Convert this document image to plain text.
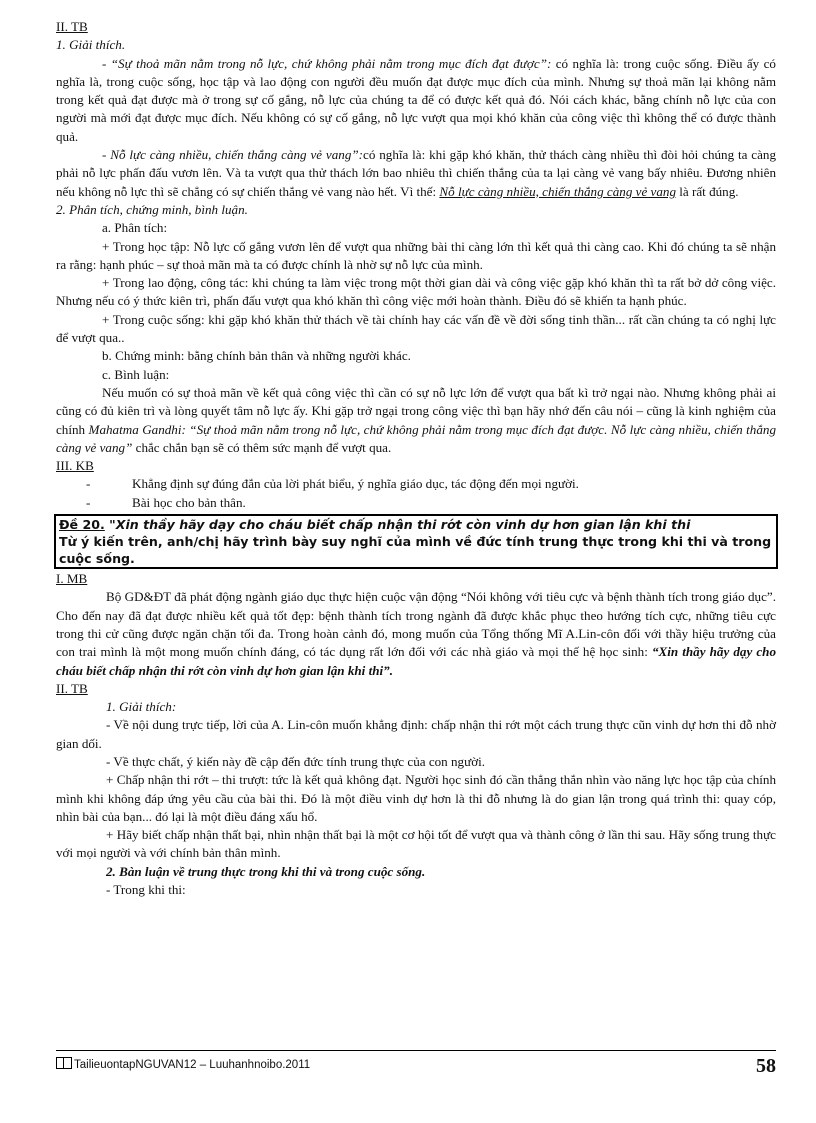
II. TB

1. Giải thích.

- “Sự thoả mãn nằm trong nỗ lực, chứ không phải nằm trong mục đích đạt được”: có nghĩa là: trong cuộc sống. Điều ấy có nghĩa là, trong cuộc sống, học tập và lao động con người đều muốn đạt được mục đích của mình. Nhưng sự thoả mãn lại không nằm trong kết quả đạt được mà ở trong sự cố gắng, nỗ lực của chúng ta để có được kết quả đó. Nói cách khác, bằng chính nỗ lực của con người mà mới đạt được mục đích. Nếu không có sự cố gắng, nỗ lực vượt qua mọi khó khăn của công việc thì không thể có được thành quả.

- Nỗ lực càng nhiều, chiến thắng càng vẻ vang”:có nghĩa là: khi gặp khó khăn, thử thách càng nhiều thì đòi hỏi chúng ta càng phải nỗ lực phấn đấu vươn lên. Và ta vượt qua thử thách lớn bao nhiêu thì chiến thắng của ta lại càng vẻ vang bấy nhiêu. Đương nhiên nếu không nỗ lực thì sẽ chẳng có sự chiến thắng vẻ vang nào hết. Vì thế: Nỗ lực càng nhiều, chiến thắng càng vẻ vang là rất đúng.

2. Phân tích, chứng minh, bình luận.

a. Phân tích:

+ Trong học tập: Nỗ lực cố gắng vươn lên để vượt qua những bài thi càng lớn thì kết quả thi càng cao. Khi đó chúng ta sẽ nhận ra rằng: hạnh phúc – sự thoả mãn mà ta có được chính là nhờ sự nỗ lực của mình.

+ Trong lao động, công tác: khi chúng ta làm việc trong một thời gian dài và công việc gặp khó khăn thì ta rất bở dở công việc. Nhưng nếu có ý thức kiên trì, phấn đấu vượt qua khó khăn thì công việc mới hoàn thành. Điều đó sẽ khiến ta hạnh phúc.

+ Trong cuộc sống: khi gặp khó khăn thử thách về tài chính hay các vấn đề về đời sống tinh thần... rất cần chúng ta có nghị lực để vượt qua..

b. Chứng minh: bằng chính bản thân và những người khác.

c. Bình luận:

Nếu muốn có sự thoả mãn về kết quả công việc thì cần có sự nỗ lực lớn để vượt qua bất kì trở ngại nào. Nhưng không phải ai cũng có đủ kiên trì và lòng quyết tâm nỗ lực ấy. Khi gặp trở ngại trong công việc thì bạn hãy nhớ đến câu nói – cũng là kinh nghiệm của chính Mahatma Gandhi: “Sự thoả mãn nằm trong nỗ lực, chứ không phải nằm trong mục đích đạt được. Nỗ lực càng nhiều, chiến thắng càng vẻ vang” chắc chắn bạn sẽ có thêm sức mạnh để vượt qua.

III. KB

-	Khẳng định sự đúng đắn của lời phát biểu, ý nghĩa giáo dục, tác động đến mọi người.

-	Bài học cho bản thân.

Đề 20. "Xin thầy hãy dạy cho cháu biết chấp nhận thi rớt còn vinh dự hơn gian lận khi thi
Từ ý kiến trên, anh/chị hãy trình bày suy nghĩ của mình về đức tính trung thực trong khi thi và trong cuộc sống.

I. MB

Bộ GD&ĐT đã phát động ngành giáo dục thực hiện cuộc vận động “Nói không với tiêu cực và bệnh thành tích trong giáo dục”. Cho đến nay đã đạt được nhiều kết quả tốt đẹp: bệnh thành tích trong ngành đã được khắc phục theo hướng tích cực, những tiêu cực trong thi cử cũng được ngăn chặn tối đa. Trong hoàn cảnh đó, mong muốn của Tổng thống Mĩ A.Lin-côn đối với thầy hiệu trưởng của con trai mình là một mong muốn chính đáng, có tác dụng rất lớn đối với các nhà giáo và mọi thế hệ học sinh: “Xin thầy hãy dạy cho cháu biết chấp nhận thi rớt còn vinh dự hơn gian lận khi thi”.

II. TB

1. Giải thích:

- Về nội dung trực tiếp, lời của A. Lin-côn muốn khẳng định: chấp nhận thi rớt một cách trung thực cũn vinh dự hơn thi đỗ nhờ gian dối.

- Về thực chất, ý kiến này đề cập đến đức tính trung thực của con người.

+ Chấp nhận thi rớt – thi trượt: tức là kết quả không đạt. Người học sinh đó cần thẳng thắn nhìn vào năng lực học tập của chính mình khi không đáp ứng yêu cầu của bài thi. Đó là một điều vinh dự hơn là thi đỗ nhưng là do gian lận trong quá trình thi: quay cóp, nhìn bài của bạn... đó lại là một điều đáng xấu hổ.

+ Hãy biết chấp nhận thất bại, nhìn nhận thất bại là một cơ hội tốt để vượt qua và thành công ở lần thi sau. Hãy sống trung thực với mọi người và với chính bản thân mình.

2. Bàn luận về trung thực trong khi thi và trong cuộc sống.

- Trong khi thi:

TailieuontapNGUVAN12 – Luuhanhnoibo.2011	58
